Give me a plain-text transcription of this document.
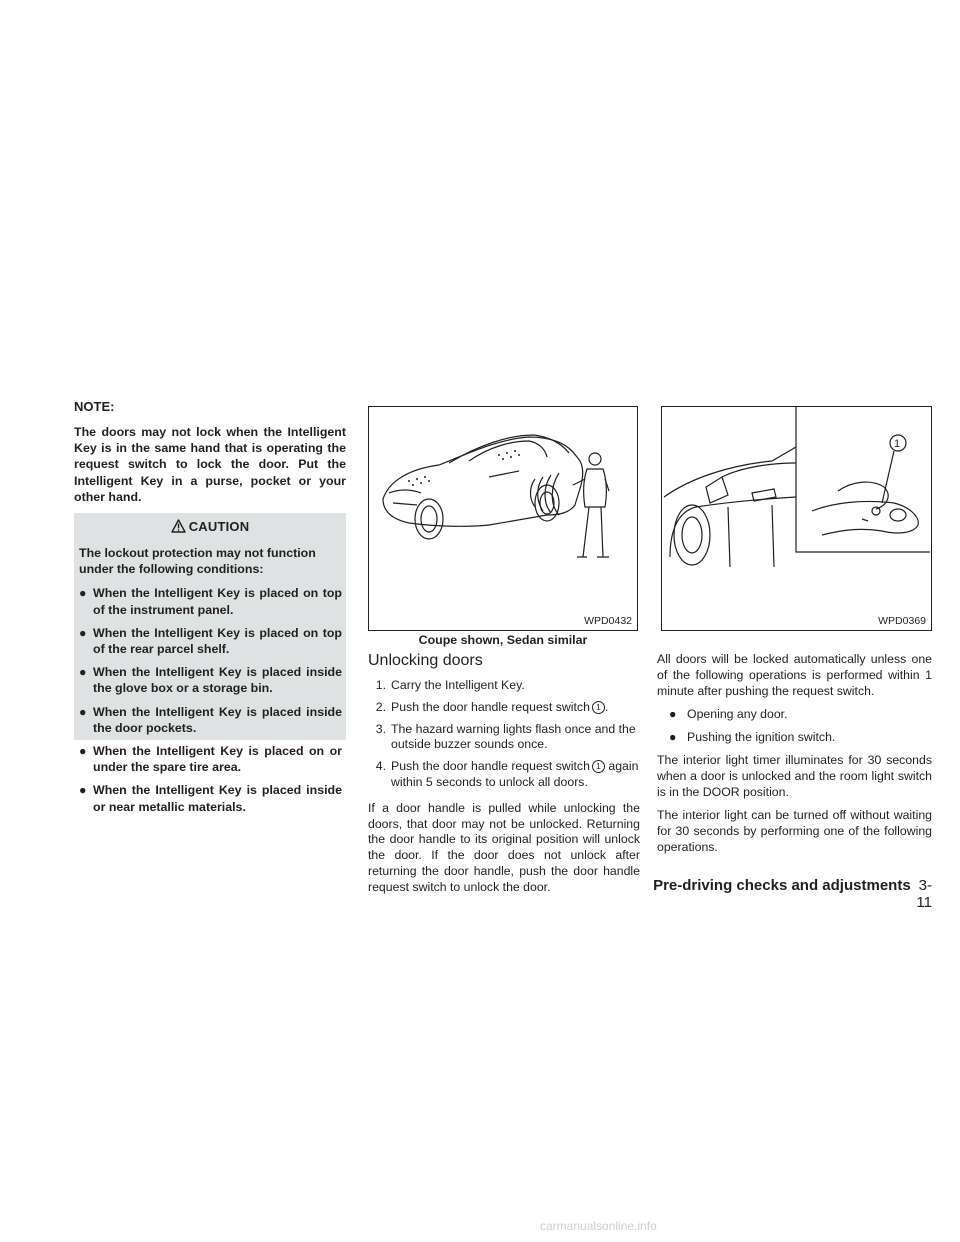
NOTE:

The doors may not lock when the Intelligent Key is in the same hand that is operating the request switch to lock the door. Put the Intelligent Key in a purse, pocket or your other hand.

CAUTION

The lockout protection may not function under the following conditions:

● When the Intelligent Key is placed on top of the instrument panel.
● When the Intelligent Key is placed on top of the rear parcel shelf.
● When the Intelligent Key is placed inside the glove box or a storage bin.
● When the Intelligent Key is placed inside the door pockets.
● When the Intelligent Key is placed on or under the spare tire area.
● When the Intelligent Key is placed inside or near metallic materials.
WPD0432
Coupe shown, Sedan similar
1
WPD0369
Unlocking doors
1. Carry the Intelligent Key.
2. Push the door handle request switch 1 .
3. The hazard warning lights flash once and the outside buzzer sounds once.
4. Push the door handle request switch 1 again within 5 seconds to unlock all doors.

If a door handle is pulled while unlocking the doors, that door may not be unlocked. Returning the door handle to its original position will unlock the door. If the door does not unlock after returning the door handle, push the door handle request switch to unlock the door.

All doors will be locked automatically unless one of the following operations is performed within 1 minute after pushing the request switch.

● Opening any door.
● Pushing the ignition switch.

The interior light timer illuminates for 30 seconds when a door is unlocked and the room light switch is in the DOOR position.

The interior light can be turned off without waiting for 30 seconds by performing one of the following operations.

Pre-driving checks and adjustments 3-11
carmanualsonline.info
